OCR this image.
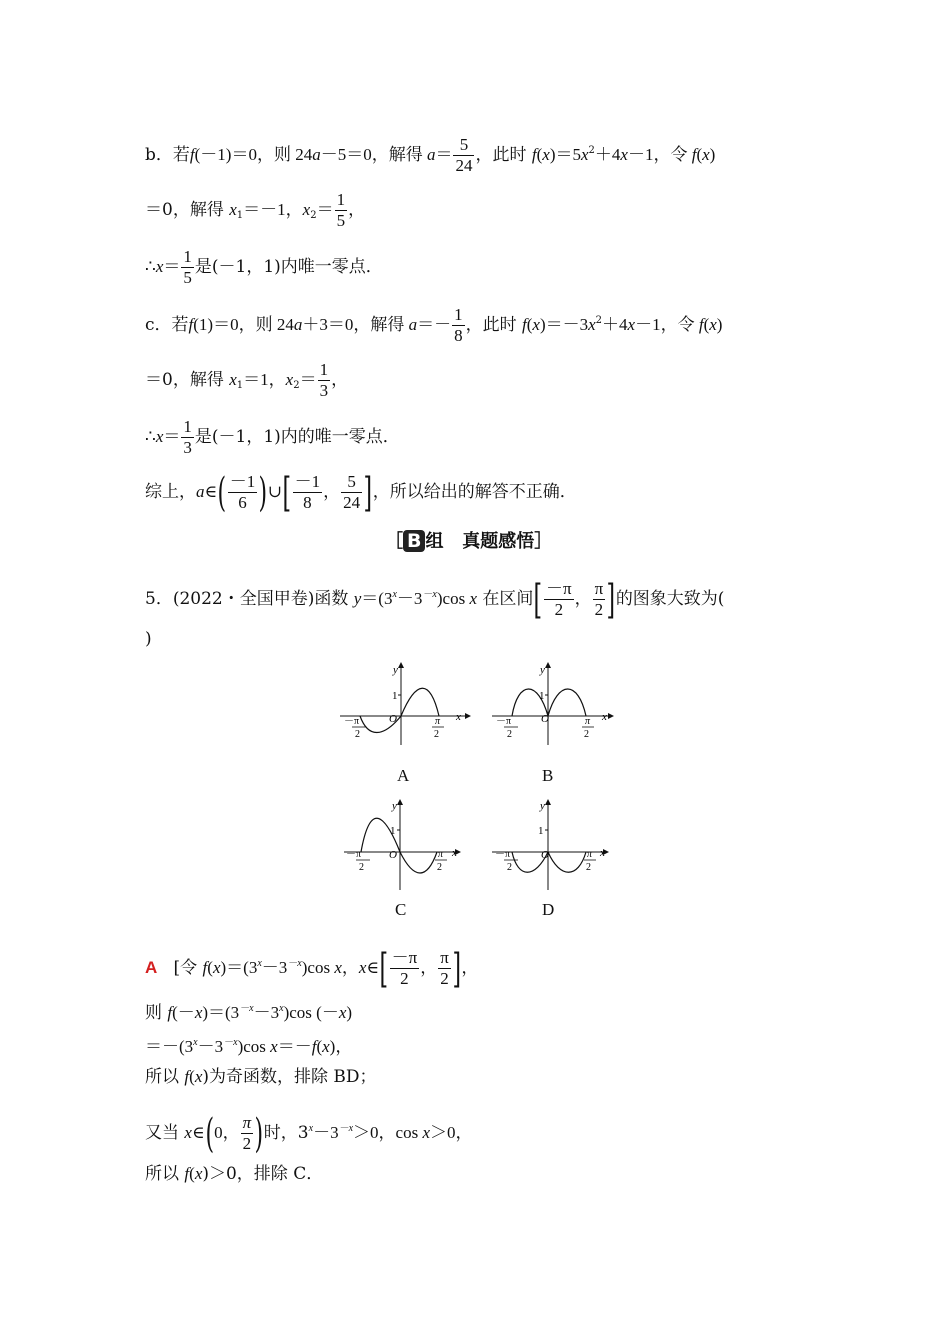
b．若f(－1)＝0，则 24a－5＝0，解得 $a= \frac{5}{24}$ ，此时 $f(x)=5x^2+4x-1$，令 f(x)
＝0，解得 $x_1=-1$，$x_2= \frac{1}{5}$ ，
∴x＝ $\frac{1}{5}$ 是(－1，1)内唯一零点．
c．若f(1)＝0，则 24a＋3＝0，解得 $a=- \frac{1}{8}$ ，此时 $f(x)=-3x^2+4x-1$，令 f(x)
＝0，解得 $x_1=1$，$x_2= \frac{1}{3}$ ，
∴x＝ $\frac{1}{3}$ 是(－1，1)内的唯一零点．
综上，a∈( $\frac{-1}{6}$ )∪[ $\frac{-1}{8}$ ， $\frac{5}{24}$ ]，所以给出的解答不正确．
［ B 组 真题感悟］
5．(2022・全国甲卷)函数 $y=(3^x-3^{-x})\cos$ x 在区间[ $\frac{-\pi}{2}$ ， $\frac{\pi}{2}$ ]的图象大致为(
)
y
1
O	x
－π
2
π
2
A
y
1
O	x
－π
2
π
2
B
y
1
O	x
－π
2
π
2
C
y
1
O	x
－π
2
π
2
D
A [令 $f(x)=(3^x-3^{-x})\cos$ x，x∈[ $\frac{-\pi}{2}$ ， $\frac{\pi}{2}$ ]，
则 $f(-x)=(3^{-x}-3^x)\cos$ (－x)
$=-(3^x-3^{-x})\cos$ x＝－f(x)，
所以 f(x)为奇函数，排除 BD；
又当 x∈(0， $\frac{\pi}{2}$ )时，$3^x-3^{-x}>0$，cos x＞0，
所以 f(x)＞0，排除 C．
